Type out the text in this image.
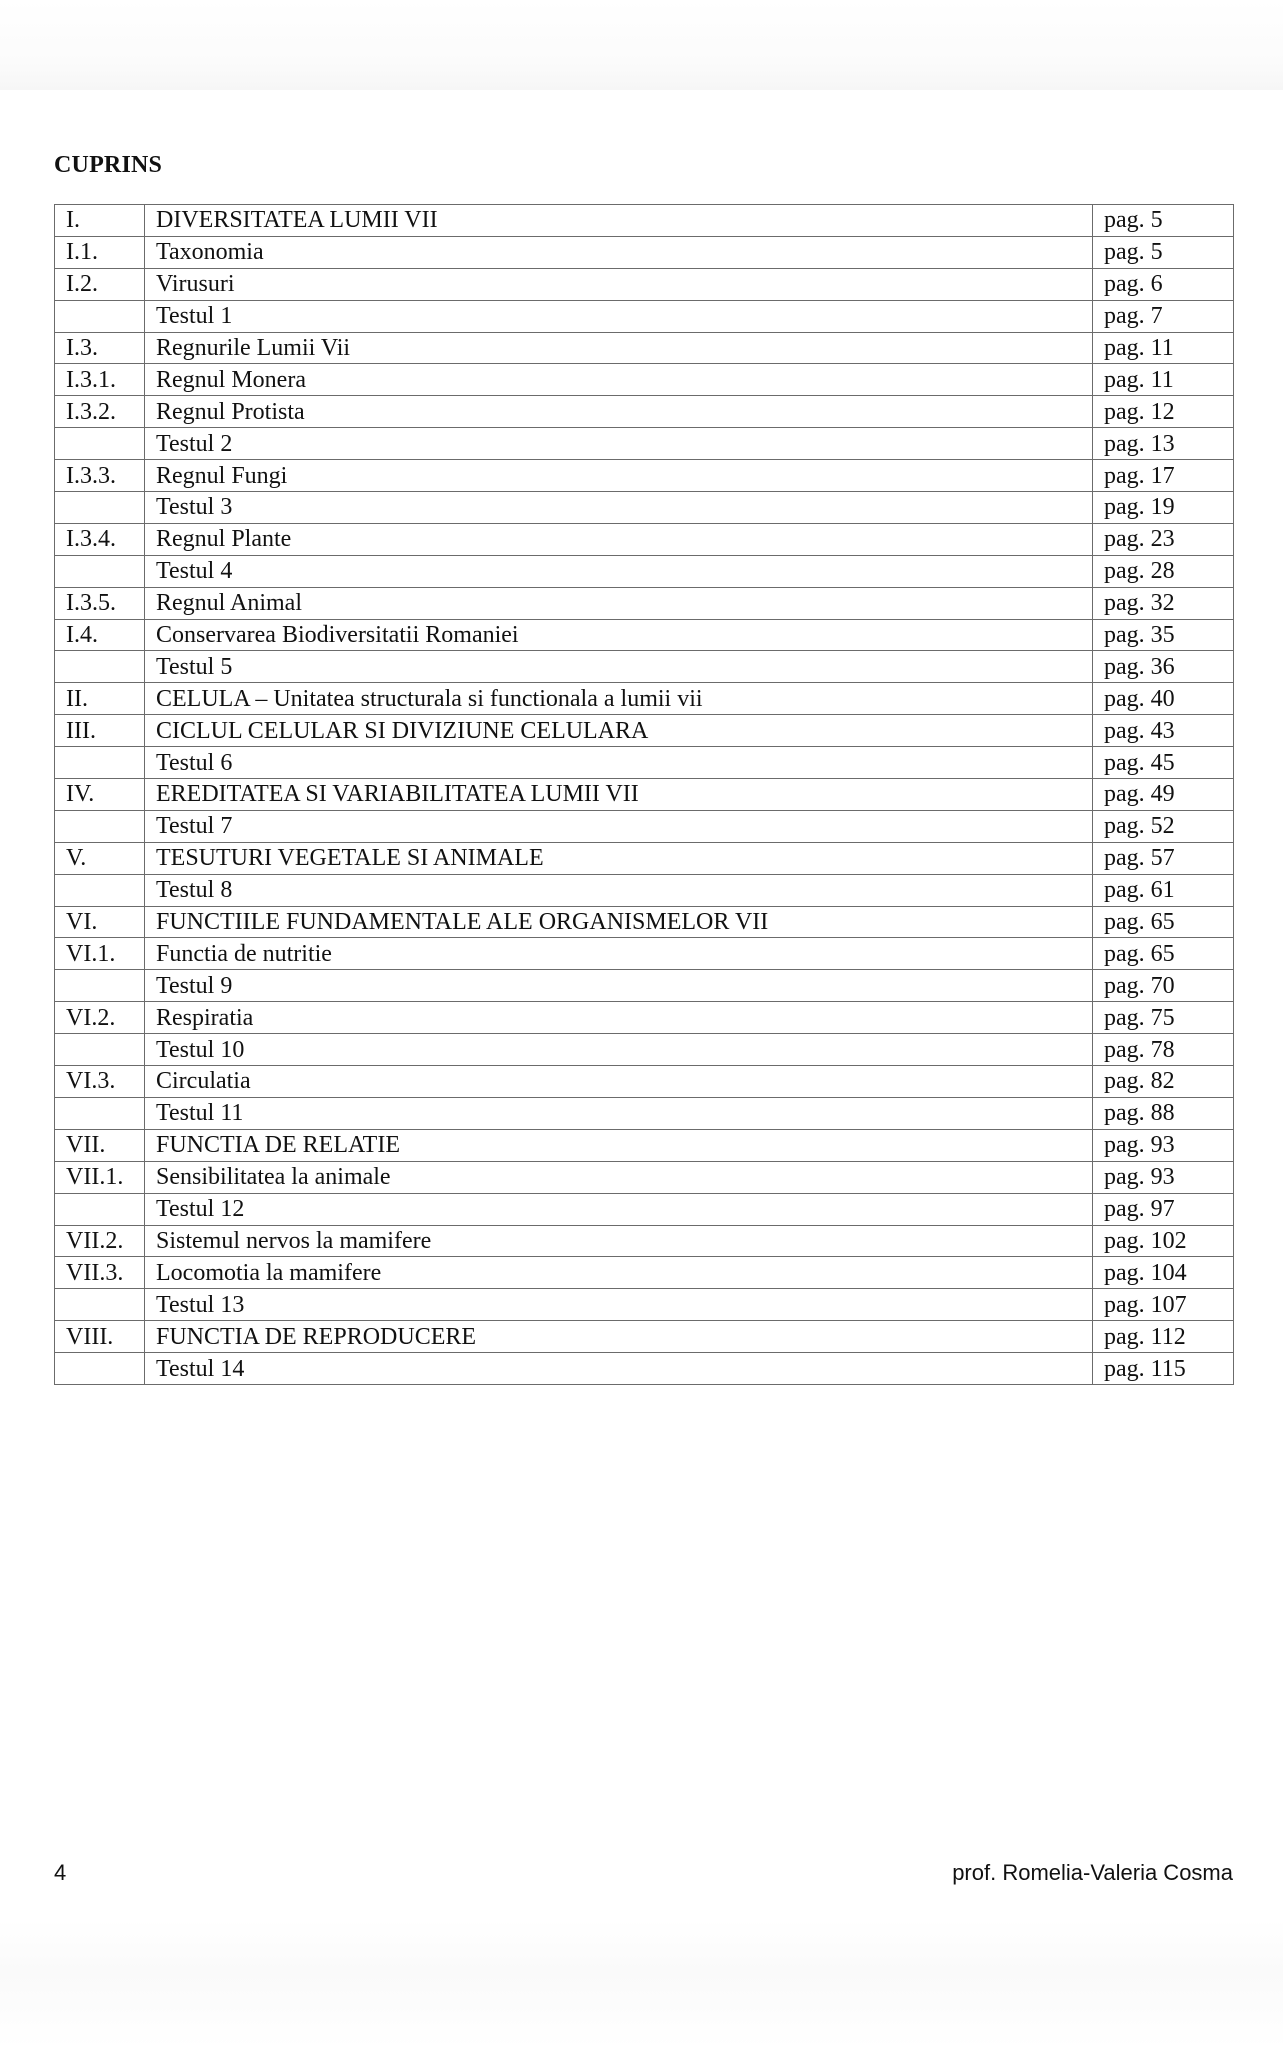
CUPRINS
I.	DIVERSITATEA LUMII VII	pag. 5
I.1.	Taxonomia	pag. 5
I.2.	Virusuri	pag. 6
	Testul 1	pag. 7
I.3.	Regnurile Lumii Vii	pag. 11
I.3.1.	Regnul Monera	pag. 11
I.3.2.	Regnul Protista	pag. 12
	Testul 2	pag. 13
I.3.3.	Regnul Fungi	pag. 17
	Testul 3	pag. 19
I.3.4.	Regnul Plante	pag. 23
	Testul 4	pag. 28
I.3.5.	Regnul Animal	pag. 32
I.4.	Conservarea Biodiversitatii Romaniei	pag. 35
	Testul 5	pag. 36
II.	CELULA – Unitatea structurala si functionala a lumii vii	pag. 40
III.	CICLUL CELULAR SI DIVIZIUNE CELULARA	pag. 43
	Testul 6	pag. 45
IV.	EREDITATEA SI VARIABILITATEA LUMII VII	pag. 49
	Testul 7	pag. 52
V.	TESUTURI VEGETALE SI ANIMALE	pag. 57
	Testul 8	pag. 61
VI.	FUNCTIILE FUNDAMENTALE ALE ORGANISMELOR VII	pag. 65
VI.1.	Functia de nutritie	pag. 65
	Testul 9	pag. 70
VI.2.	Respiratia	pag. 75
	Testul 10	pag. 78
VI.3.	Circulatia	pag. 82
	Testul 11	pag. 88
VII.	FUNCTIA DE RELATIE	pag. 93
VII.1.	Sensibilitatea la animale	pag. 93
	Testul 12	pag. 97
VII.2.	Sistemul nervos la mamifere	pag. 102
VII.3.	Locomotia la mamifere	pag. 104
	Testul 13	pag. 107
VIII.	FUNCTIA DE REPRODUCERE	pag. 112
	Testul 14	pag. 115
4	prof. Romelia-Valeria Cosma
